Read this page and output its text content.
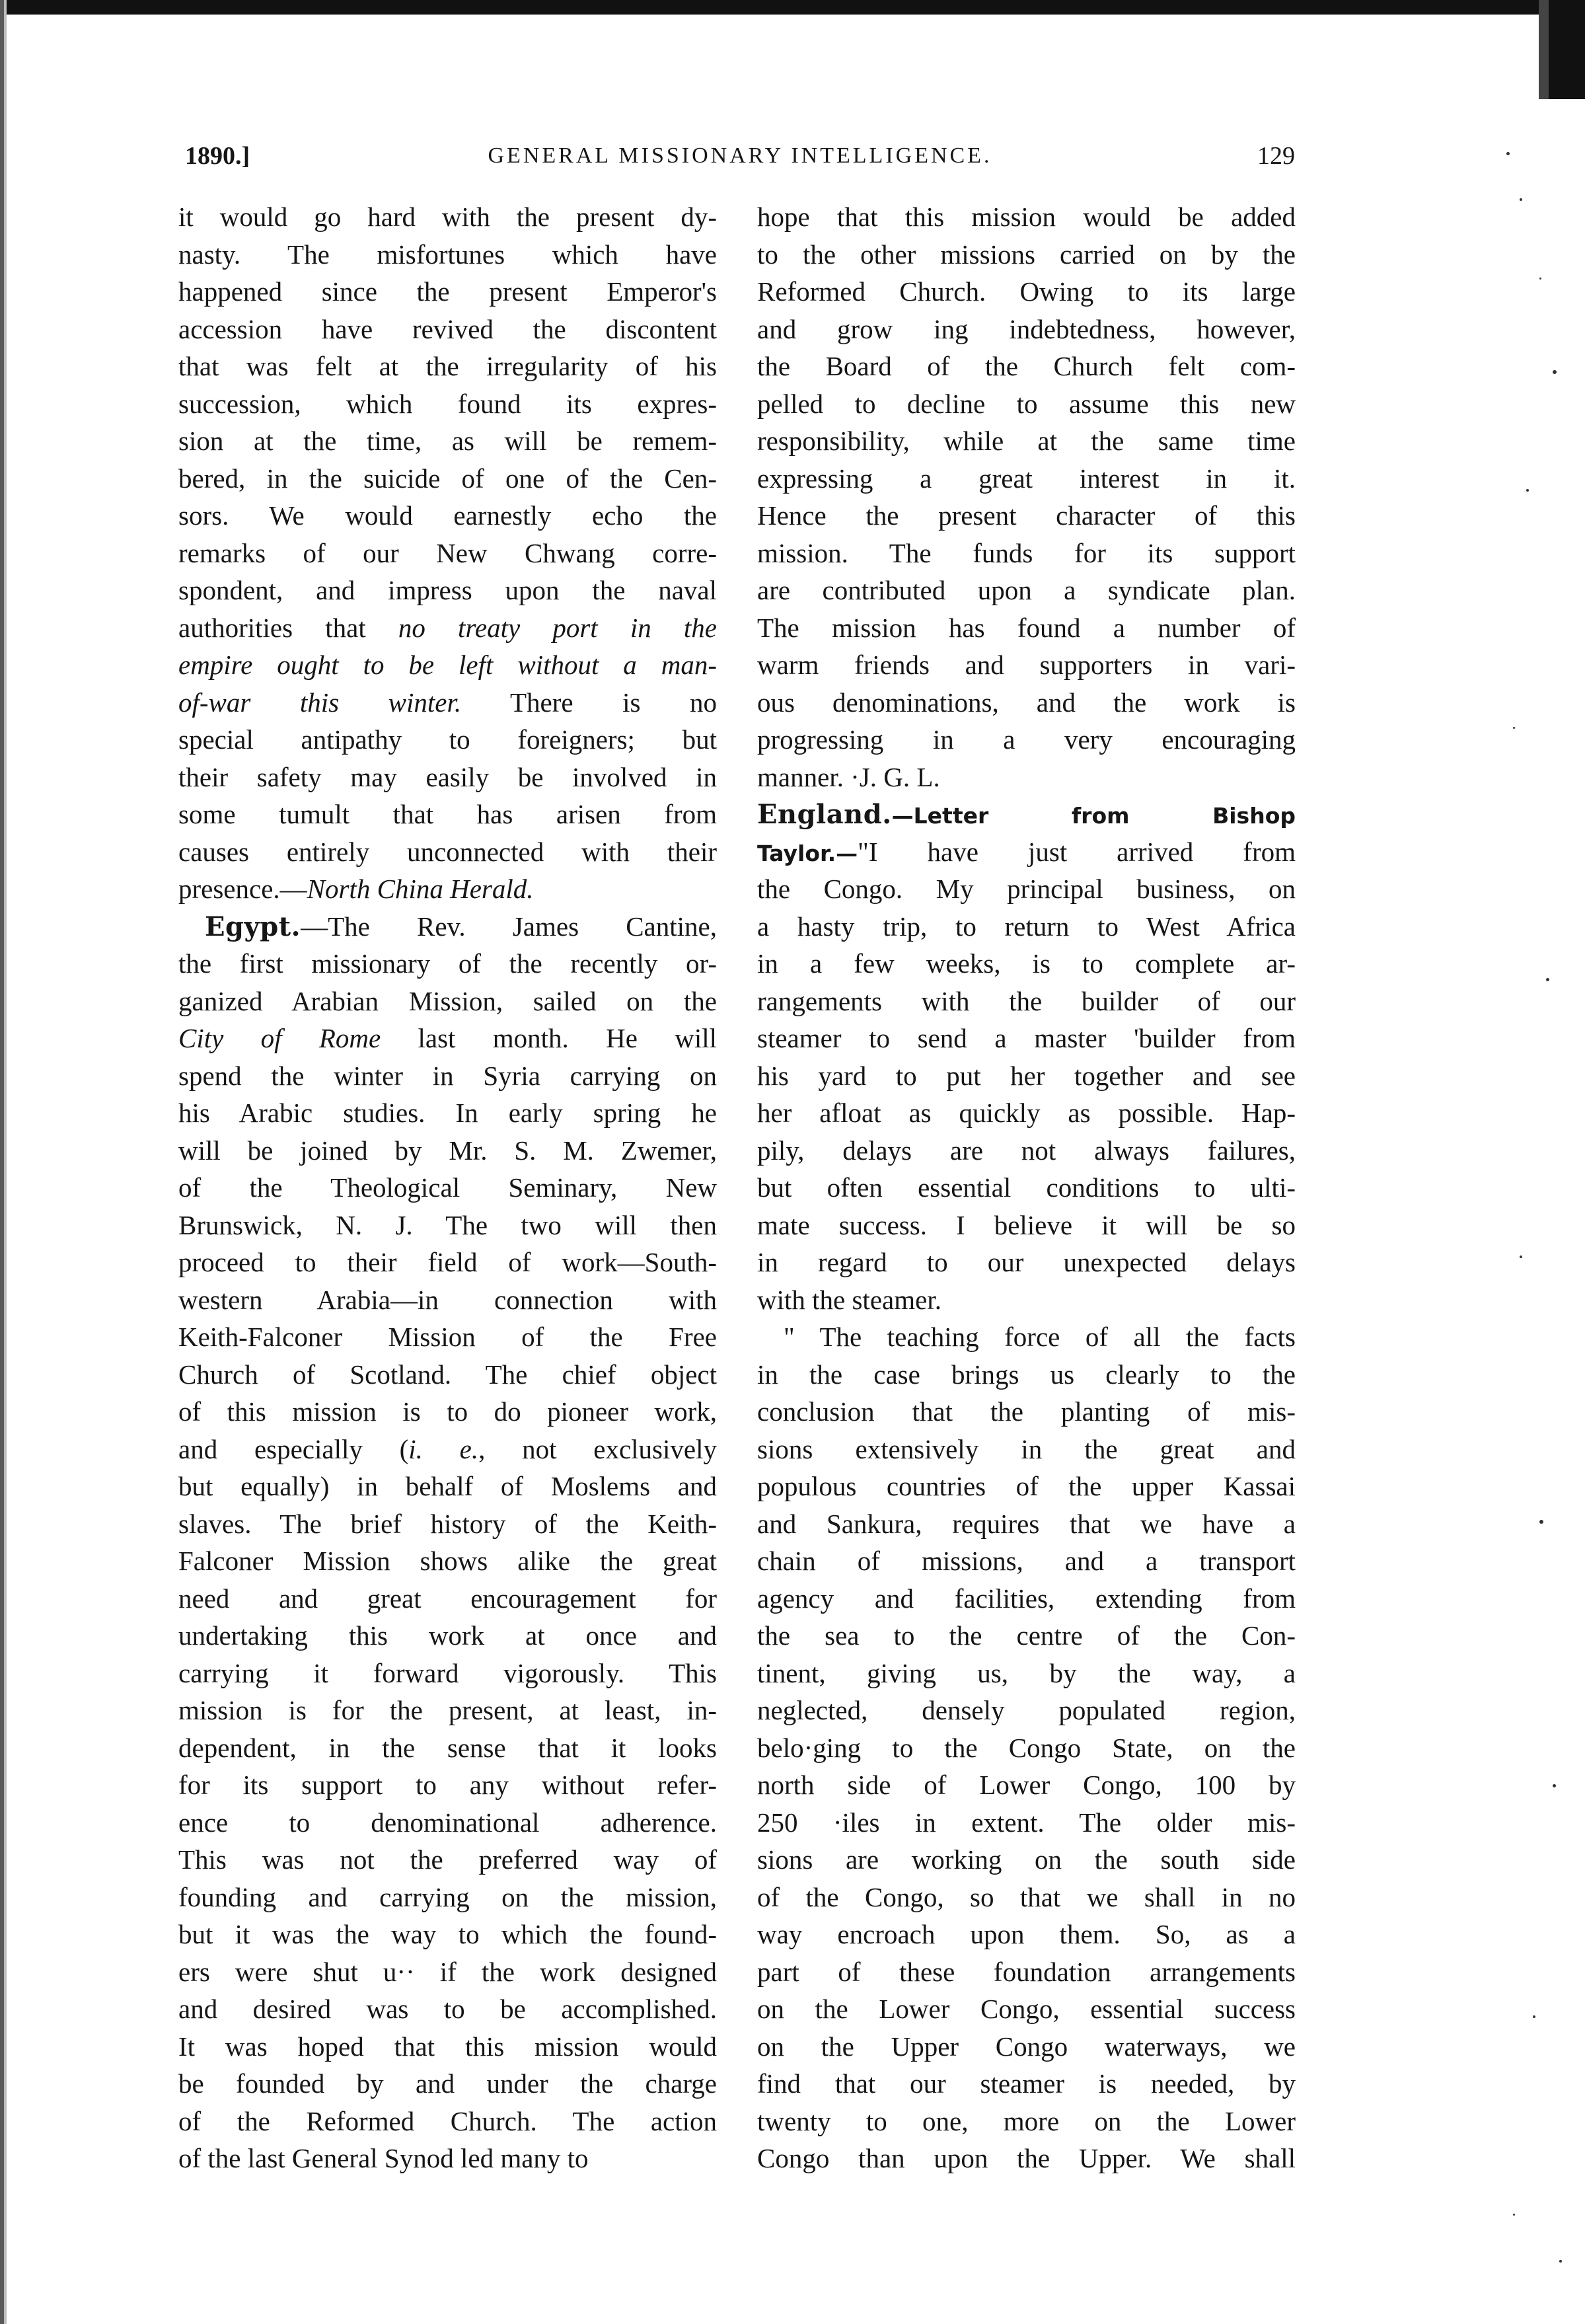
1890.]	GENERAL MISSIONARY INTELLIGENCE.	129
it would go hard with the present dy-
nasty. The misfortunes which have
happened since the present Emperor's
accession have revived the discontent
that was felt at the irregularity of his
succession, which found its expres-
sion at the time, as will be remem-
bered, in the suicide of one of the Cen-
sors. We would earnestly echo the
remarks of our New Chwang corre-
spondent, and impress upon the naval
authorities that no treaty port in the
empire ought to be left without a man-
of-war this winter. There is no
special antipathy to foreigners; but
their safety may easily be involved in
some tumult that has arisen from
causes entirely unconnected with their
presence.—North China Herald.
Egypt.—The Rev. James Cantine,
the first missionary of the recently or-
ganized Arabian Mission, sailed on the
City of Rome last month. He will
spend the winter in Syria carrying on
his Arabic studies. In early spring he
will be joined by Mr. S. M. Zwemer,
of the Theological Seminary, New
Brunswick, N. J. The two will then
proceed to their field of work—South-
western Arabia—in connection with
Keith-Falconer Mission of the Free
Church of Scotland. The chief object
of this mission is to do pioneer work,
and especially (i. e., not exclusively
but equally) in behalf of Moslems and
slaves. The brief history of the Keith-
Falconer Mission shows alike the great
need and great encouragement for
undertaking this work at once and
carrying it forward vigorously. This
mission is for the present, at least, in-
dependent, in the sense that it looks
for its support to any without refer-
ence to denominational adherence.
This was not the preferred way of
founding and carrying on the mission,
but it was the way to which the found-
ers were shut u·· if the work designed
and desired was to be accomplished.
It was hoped that this mission would
be founded by and under the charge
of the Reformed Church. The action
of the last General Synod led many to
hope that this mission would be added
to the other missions carried on by the
Reformed Church. Owing to its large
and grow ing indebtedness, however,
the Board of the Church felt com-
pelled to decline to assume this new
responsibility, while at the same time
expressing a great interest in it.
Hence the present character of this
mission. The funds for its support
are contributed upon a syndicate plan.
The mission has found a number of
warm friends and supporters in vari-
ous denominations, and the work is
progressing in a very encouraging
manner. ·J. G. L.
England.—Letter from Bishop
Taylor.—"I have just arrived from
the Congo. My principal business, on
a hasty trip, to return to West Africa
in a few weeks, is to complete ar-
rangements with the builder of our
steamer to send a master 'builder from
his yard to put her together and see
her afloat as quickly as possible. Hap-
pily, delays are not always failures,
but often essential conditions to ulti-
mate success. I believe it will be so
in regard to our unexpected delays
with the steamer.
" The teaching force of all the facts
in the case brings us clearly to the
conclusion that the planting of mis-
sions extensively in the great and
populous countries of the upper Kassai
and Sankura, requires that we have a
chain of missions, and a transport
agency and facilities, extending from
the sea to the centre of the Con-
tinent, giving us, by the way, a
neglected, densely populated region,
belo·ging to the Congo State, on the
north side of Lower Congo, 100 by
250 ·iles in extent. The older mis-
sions are working on the south side
of the Congo, so that we shall in no
way encroach upon them. So, as a
part of these foundation arrangements
on the Lower Congo, essential success
on the Upper Congo waterways, we
find that our steamer is needed, by
twenty to one, more on the Lower
Congo than upon the Upper. We shall
